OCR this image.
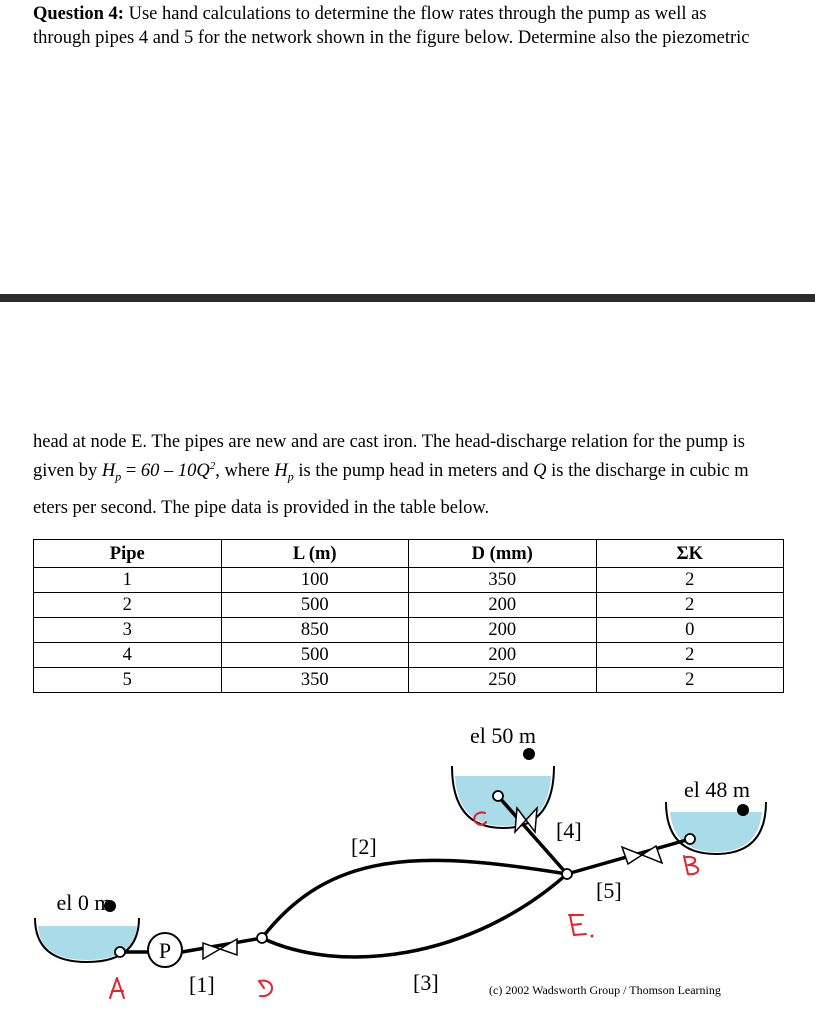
Question 4: Use hand calculations to determine the flow rates through the pump as well as
through pipes 4 and 5 for the network shown in the figure below. Determine also the piezometric

head at node E. The pipes are new and are cast iron. The head-discharge relation for the pump is
given by $H_p = 60 - 10Q^2$, where $H_p$ is the pump head in meters and Q is the discharge in cubic m

eters per second. The pipe data is provided in the table below.

Pipe	L (m)	D (mm)	ΣK
1	100	350	2
2	500	200	2
3	850	200	0
4	500	200	2
5	350	250	2
el 50 m
el 48 m
el 0 m
P
[1]
[2]
[3]
[4]
[5]
(c) 2002 Wadsworth Group / Thomson Learning
